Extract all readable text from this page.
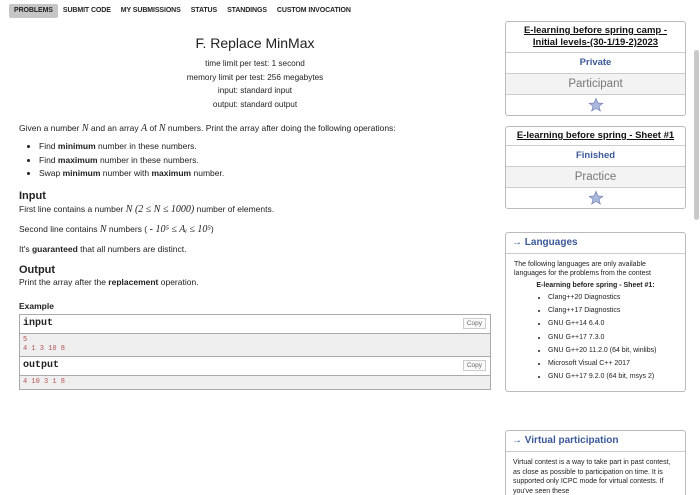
PROBLEMS	SUBMIT CODE	MY SUBMISSIONS	STATUS	STANDINGS	CUSTOM INVOCATION
F. Replace MinMax
time limit per test: 1 second
memory limit per test: 256 megabytes
input: standard input
output: standard output

Given a number N and an array A of N numbers. Print the array after doing the following operations:

• Find minimum number in these numbers.
• Find maximum number in these numbers.
• Swap minimum number with maximum number.
Input

First line contains a number N (2 ≤ N ≤ 1000) number of elements.

Second line contains N numbers ( - 10⁵ ≤ Aᵢ ≤ 10⁵)

It's guaranteed that all numbers are distinct.

Output

Print the array after the replacement operation.

Example
input	Copy
5
4 1 3 10 8
output	Copy
4 10 3 1 8
E-learning before spring camp - Initial levels-(30-1/19-2)2023
Private
Participant
E-learning before spring - Sheet #1
Finished
Practice
→ Languages
The following languages are only available languages for the problems from the contest
E-learning before spring - Sheet #1:
• Clang++20 Diagnostics
• Clang++17 Diagnostics
• GNU G++14 6.4.0
• GNU G++17 7.3.0
• GNU G++20 11.2.0 (64 bit, winlibs)
• Microsoft Visual C++ 2017
• GNU G++17 9.2.0 (64 bit, msys 2)
→ Virtual participation
Virtual contest is a way to take part in past contest, as close as possible to participation on time. It is supported only ICPC mode for virtual contests. If you've seen these
